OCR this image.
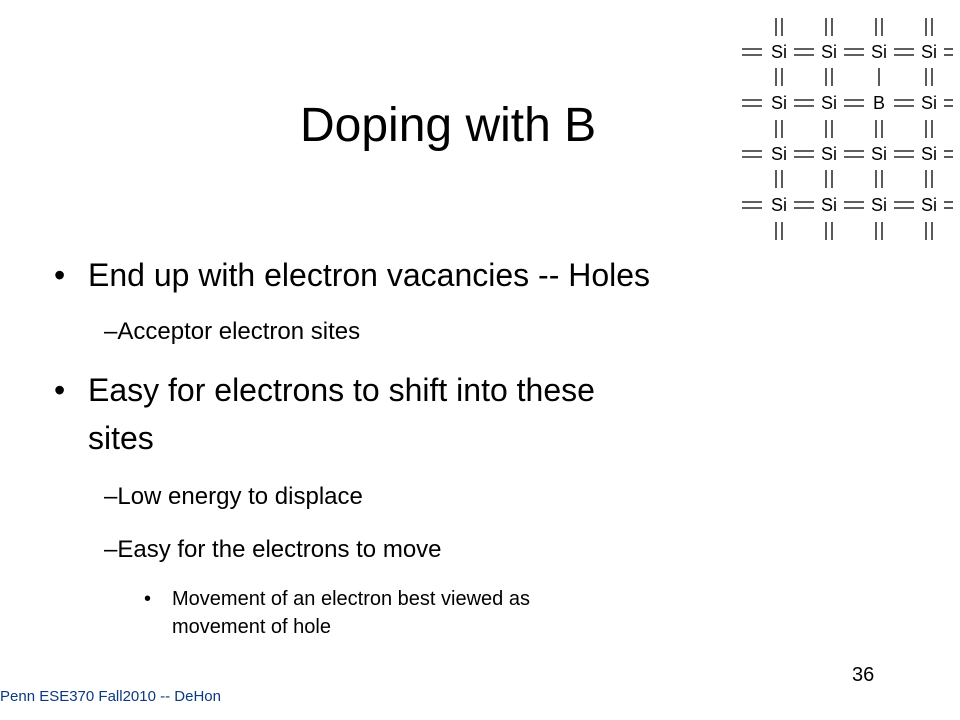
Doping with B
Si Si Si Si
Si Si B Si
Si Si Si Si
Si Si Si Si
• End up with electron vacancies -- Holes
–Acceptor electron sites
• Easy for electrons to shift into these
sites
–Low energy to displace
–Easy for the electrons to move
• Movement of an electron best viewed as
movement of hole
Penn ESE370 Fall2010 -- DeHon
36
